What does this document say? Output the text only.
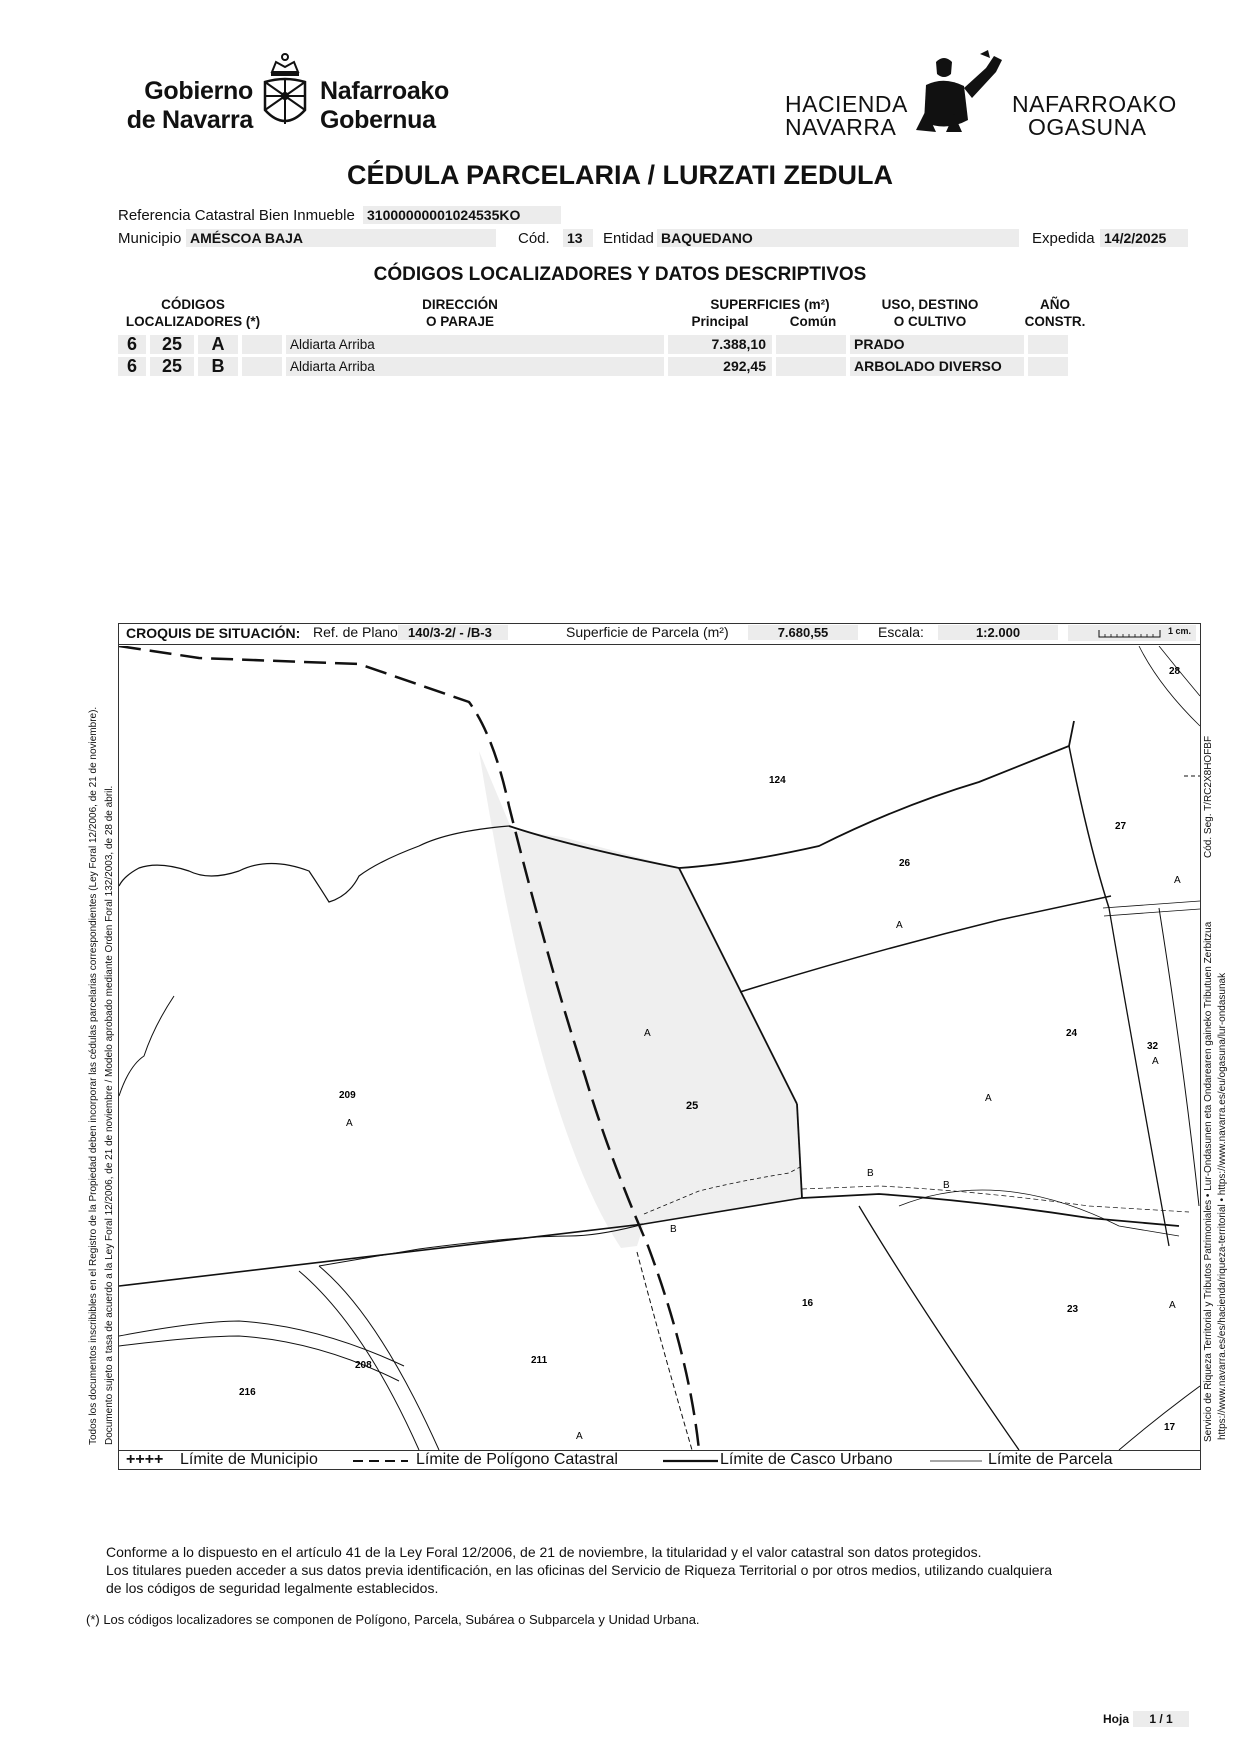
Gobierno
de Navarra
Nafarroako
Gobernua
HACIENDA
NAVARRA
NAFARROAKO
OGASUNA
CÉDULA PARCELARIA / LURZATI ZEDULA
Referencia Catastral Bien Inmueble 31000000001024535KO
Municipio AMÉSCOA BAJA	Cód. 13	Entidad BAQUEDANO	Expedida 14/2/2025
CÓDIGOS LOCALIZADORES Y DATOS DESCRIPTIVOS
CÓDIGOS
LOCALIZADORES (*)
DIRECCIÓN
O PARAJE
SUPERFICIES (m²)
Principal	Común
USO, DESTINO
O CULTIVO
AÑO
CONSTR.
6	25	A	Aldiarta Arriba	7.388,10	PRADO
6	25	B	Aldiarta Arriba	292,45	ARBOLADO DIVERSO
CROQUIS DE SITUACIÓN: Ref. de Plano 140/3-2/ - /B-3	Superficie de Parcela (m²)	7.680,55	Escala:	1:2.000	1 cm.
124
26
A
27
A
28
24
A
32
A
A
25
B
B
B
209
A
16
23	A
211
208
216
A
17
++++ Límite de Municipio	Límite de Polígono Catastral	Límite de Casco Urbano	Límite de Parcela
Todos los documentos inscribibles en el Registro de la Propiedad deben incorporar las cédulas parcelarias correspondientes (Ley Foral 12/2006, de 21 de noviembre). Documento sujeto a tasa de acuerdo a la Ley Foral 12/2006, de 21 de noviembre / Modelo aprobado mediante Orden Foral 132/2003, de 28 de abril.	Cód. Seg. T/RC2X8HOFBF
Servicio de Riqueza Territorial y Tributos Patrimoniales • Lur-Ondasunen eta Ondarearen gaineko Tributuen Zerbitzua https://www.navarra.es/es/hacienda/riqueza-territorial • https://www.navarra.es/eu/ogasuna/lur-ondasunak
Conforme a lo dispuesto en el artículo 41 de la Ley Foral 12/2006, de 21 de noviembre, la titularidad y el valor catastral son datos protegidos.
Los titulares pueden acceder a sus datos previa identificación, en las oficinas del Servicio de Riqueza Territorial o por otros medios, utilizando cualquiera
de los códigos de seguridad legalmente establecidos.
(*) Los códigos localizadores se componen de Polígono, Parcela, Subárea o Subparcela y Unidad Urbana.
Hoja	1 / 1
